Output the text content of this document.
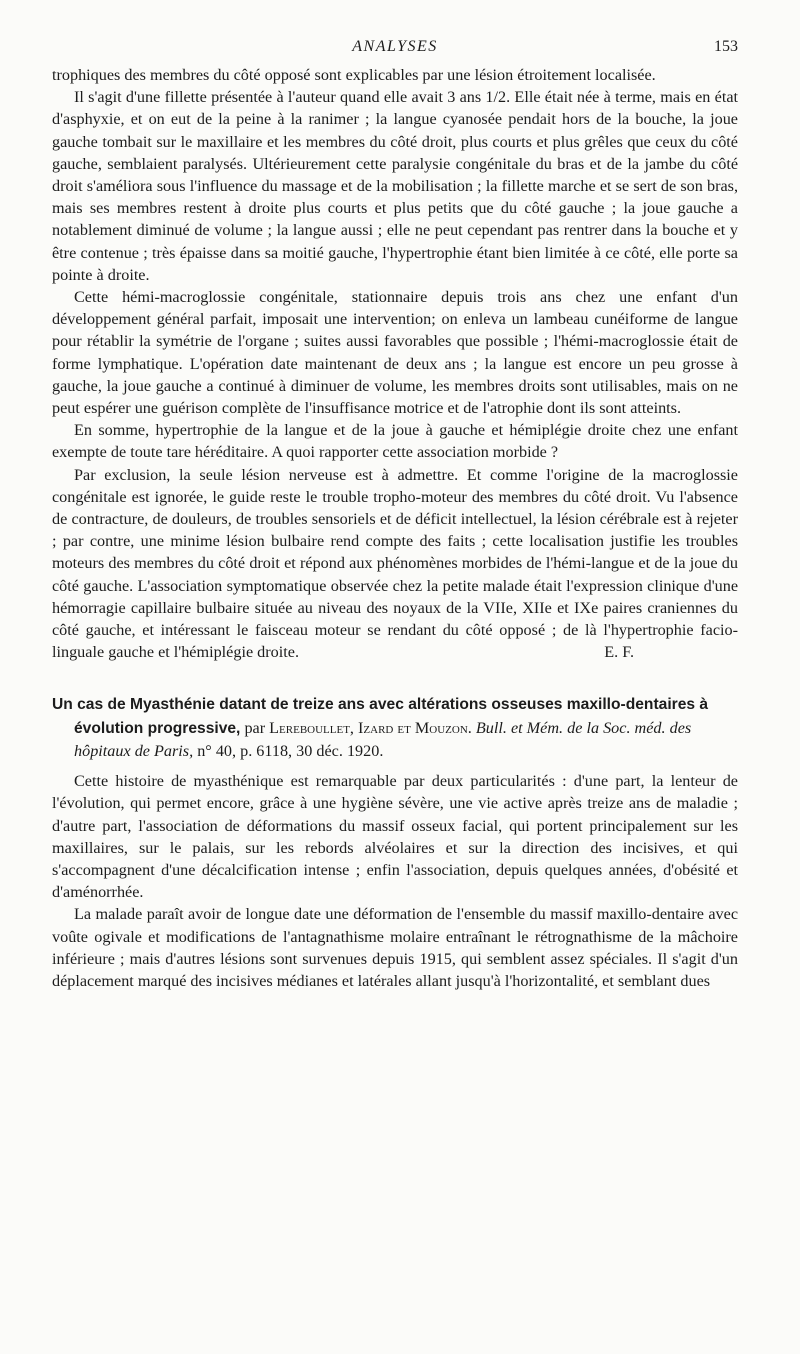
ANALYSES	153

trophiques des membres du côté opposé sont explicables par une lésion étroitement localisée.

Il s'agit d'une fillette présentée à l'auteur quand elle avait 3 ans 1/2. Elle était née à terme, mais en état d'asphyxie, et on eut de la peine à la ranimer ; la langue cyanosée pendait hors de la bouche, la joue gauche tombait sur le maxillaire et les membres du côté droit, plus courts et plus grêles que ceux du côté gauche, semblaient paralysés. Ultérieurement cette paralysie congénitale du bras et de la jambe du côté droit s'améliora sous l'influence du massage et de la mobilisation ; la fillette marche et se sert de son bras, mais ses membres restent à droite plus courts et plus petits que du côté gauche ; la joue gauche a notablement diminué de volume ; la langue aussi ; elle ne peut cependant pas rentrer dans la bouche et y être contenue ; très épaisse dans sa moitié gauche, l'hypertrophie étant bien limitée à ce côté, elle porte sa pointe à droite.

Cette hémi-macroglossie congénitale, stationnaire depuis trois ans chez une enfant d'un développement général parfait, imposait une intervention; on enleva un lambeau cunéiforme de langue pour rétablir la symétrie de l'organe ; suites aussi favorables que possible ; l'hémi-macroglossie était de forme lymphatique. L'opération date maintenant de deux ans ; la langue est encore un peu grosse à gauche, la joue gauche a continué à diminuer de volume, les membres droits sont utilisables, mais on ne peut espérer une guérison complète de l'insuffisance motrice et de l'atrophie dont ils sont atteints.

En somme, hypertrophie de la langue et de la joue à gauche et hémiplégie droite chez une enfant exempte de toute tare héréditaire. A quoi rapporter cette association morbide ?

Par exclusion, la seule lésion nerveuse est à admettre. Et comme l'origine de la macroglossie congénitale est ignorée, le guide reste le trouble tropho-moteur des membres du côté droit. Vu l'absence de contracture, de douleurs, de troubles sensoriels et de déficit intellectuel, la lésion cérébrale est à rejeter ; par contre, une minime lésion bulbaire rend compte des faits ; cette localisation justifie les troubles moteurs des membres du côté droit et répond aux phénomènes morbides de l'hémi-langue et de la joue du côté gauche. L'association symptomatique observée chez la petite malade était l'expression clinique d'une hémorragie capillaire bulbaire située au niveau des noyaux de la VIIe, XIIe et IXe paires craniennes du côté gauche, et intéressant le faisceau moteur se rendant du côté opposé ; de là l'hypertrophie facio-linguale gauche et l'hémiplégie droite.	E. F.

Un cas de Myasthénie datant de treize ans avec altérations osseuses maxillo-dentaires à évolution progressive, par Lereboullet, Izard et Mouzon. Bull. et Mém. de la Soc. méd. des hôpitaux de Paris, n° 40, p. 6118, 30 déc. 1920.

Cette histoire de myasthénique est remarquable par deux particularités : d'une part, la lenteur de l'évolution, qui permet encore, grâce à une hygiène sévère, une vie active après treize ans de maladie ; d'autre part, l'association de déformations du massif osseux facial, qui portent principalement sur les maxillaires, sur le palais, sur les rebords alvéolaires et sur la direction des incisives, et qui s'accompagnent d'une décalcification intense ; enfin l'association, depuis quelques années, d'obésité et d'aménorrhée.

La malade paraît avoir de longue date une déformation de l'ensemble du massif maxillo-dentaire avec voûte ogivale et modifications de l'antagnathisme molaire entraînant le rétrognathisme de la mâchoire inférieure ; mais d'autres lésions sont survenues depuis 1915, qui semblent assez spéciales. Il s'agit d'un déplacement marqué des incisives médianes et latérales allant jusqu'à l'horizontalité, et semblant dues
